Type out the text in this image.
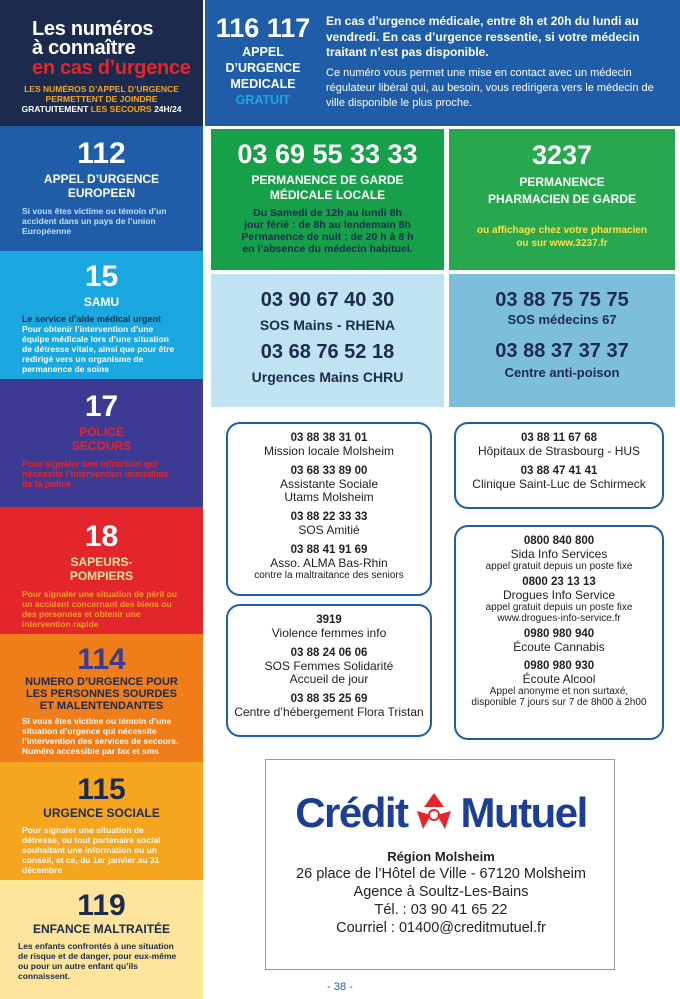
Les numéros
à connaître
en cas d’urgence
LES NUMÉROS D’APPEL D’URGENCE
PERMETTENT DE JOINDRE
GRATUITEMENT LES SECOURS 24H/24
112
APPEL D’URGENCE
EUROPEEN
Si vous êtes victime ou témoin d’un accident dans un pays de l’union Européenne
15
SAMU
Le service d’aide médical urgent
Pour obtenir l’intervention d’une équipe médicale lors d’une situation de détresse vitale, ainsi que pour être redirigé vers un organisme de permanence de soins
17
POLICE
SECOURS
Pour signaler une infraction qui nécessite l’intervention immédiate de la police
18
SAPEURS-
POMPIERS
Pour signaler une situation de péril ou un accident concernant des biens ou des personnes et obtenir une intervention rapide
114
NUMERO D’URGENCE POUR
LES PERSONNES SOURDES
ET MALENTENDANTES
Si vous êtes victime ou témoin d’une situation d’urgence qui nécessite l’intervention des services de secours. Numéro accessible par fax et sms
115
URGENCE SOCIALE
Pour signaler une situation de détresse, ou tout partenaire social souhaitant une information ou un conseil, et ce, du 1er janvier au 31 décembre
119
ENFANCE MALTRAITÉE
Les enfants confrontés à une situation de risque et de danger, pour eux-même ou pour un autre enfant qu’ils connaissent.
116 117
APPEL
D’URGENCE
MEDICALE
GRATUIT
En cas d’urgence médicale, entre 8h et 20h du lundi au vendredi. En cas d’urgence ressentie, si votre médecin traitant n’est pas disponible.
Ce numéro vous permet une mise en contact avec un médecin régulateur libéral qui, au besoin, vous redirigera vers le médecin de ville disponible le plus proche.
03 69 55 33 33
PERMANENCE DE GARDE
MÉDICALE LOCALE
Du Samedi de 12h au lundi 8h
jour férié : de 8h au lendemain 8h
Permanence de nuit : de 20 h à 8 h
en l’absence du médecin habituel.
3237
PERMANENCE
PHARMACIEN DE GARDE
ou affichage chez votre pharmacien
ou sur www.3237.fr
03 90 67 40 30
SOS Mains - RHENA
03 68 76 52 18
Urgences Mains CHRU
03 88 75 75 75
SOS médecins 67
03 88 37 37 37
Centre anti-poison
03 88 38 31 01
Mission locale Molsheim
03 68 33 89 00
Assistante Sociale
Utams Molsheim
03 88 22 33 33
SOS Amitié
03 88 41 91 69
Asso. ALMA Bas-Rhin
contre la maltraitance des seniors
03 88 11 67 68
Hôpitaux de Strasbourg - HUS
03 88 47 41 41
Clinique Saint-Luc de Schirmeck
3919
Violence femmes info
03 88 24 06 06
SOS Femmes Solidarité
Accueil de jour
03 88 35 25 69
Centre d’hébergement Flora Tristan
0800 840 800
Sida Info Services
appel gratuit depuis un poste fixe
0800 23 13 13
Drogues Info Service
appel gratuit depuis un poste fixe
www.drogues-info-service.fr
0980 980 940
Écoute Cannabis
0980 980 930
Écoute Alcool
Appel anonyme et non surtaxé,
disponible 7 jours sur 7 de 8h00 à 2h00
Crédit Mutuel
Région Molsheim
26 place de l’Hôtel de Ville - 67120 Molsheim
Agence à Soultz-Les-Bains
Tél. : 03 90 41 65 22
Courriel : 01400@creditmutuel.fr
- 38 -
